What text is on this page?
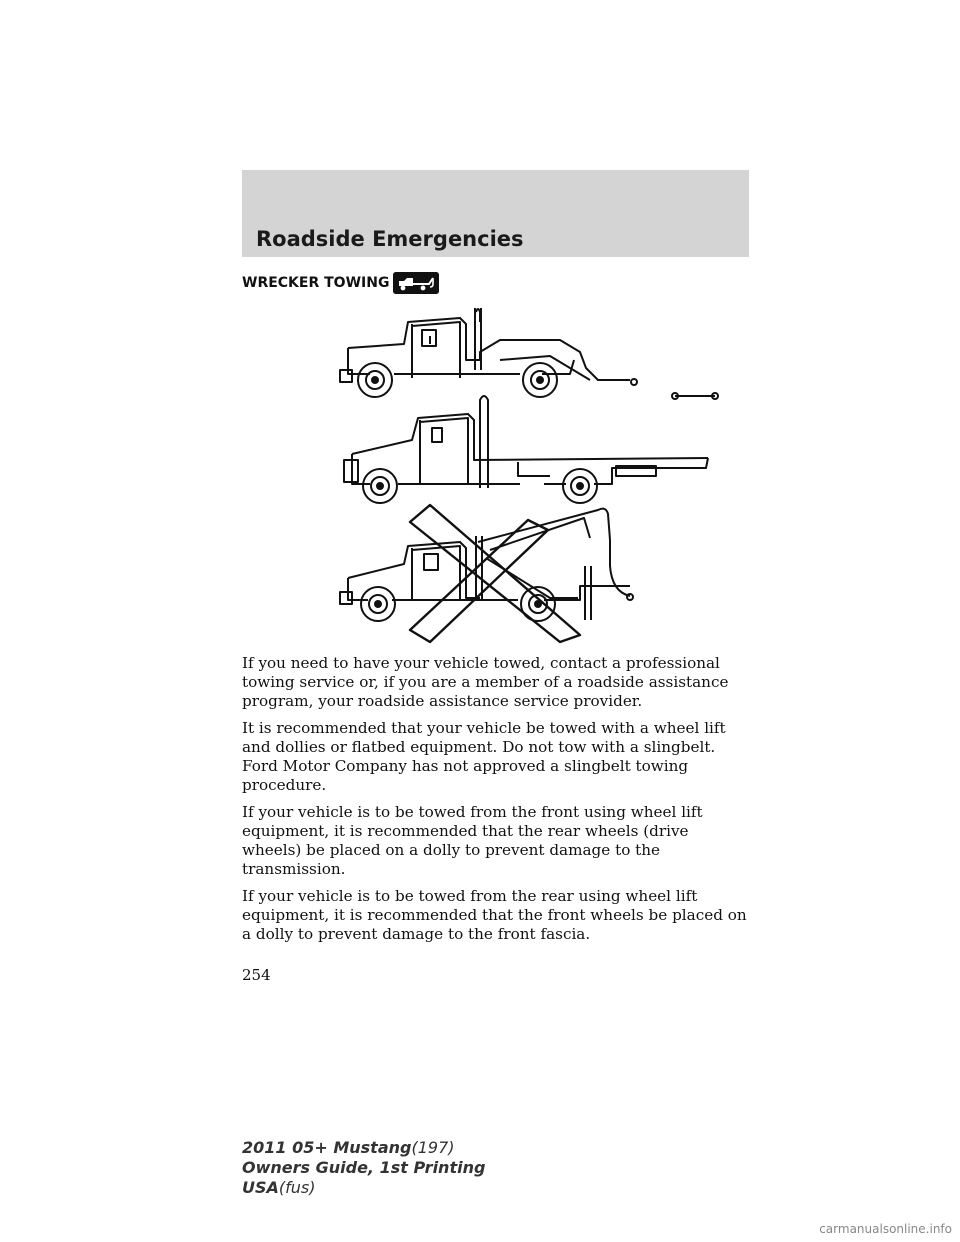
Roadside Emergencies
WRECKER TOWING

If you need to have your vehicle towed, contact a professional towing service or, if you are a member of a roadside assistance program, your roadside assistance service provider.

It is recommended that your vehicle be towed with a wheel lift and dollies or flatbed equipment. Do not tow with a slingbelt. Ford Motor Company has not approved a slingbelt towing procedure.

If your vehicle is to be towed from the front using wheel lift equipment, it is recommended that the rear wheels (drive wheels) be placed on a dolly to prevent damage to the transmission.

If your vehicle is to be towed from the rear using wheel lift equipment, it is recommended that the front wheels be placed on a dolly to prevent damage to the front fascia.

254
2011 05+ Mustang(197)
Owners Guide, 1st Printing
USA(fus)
carmanualsonline.info
